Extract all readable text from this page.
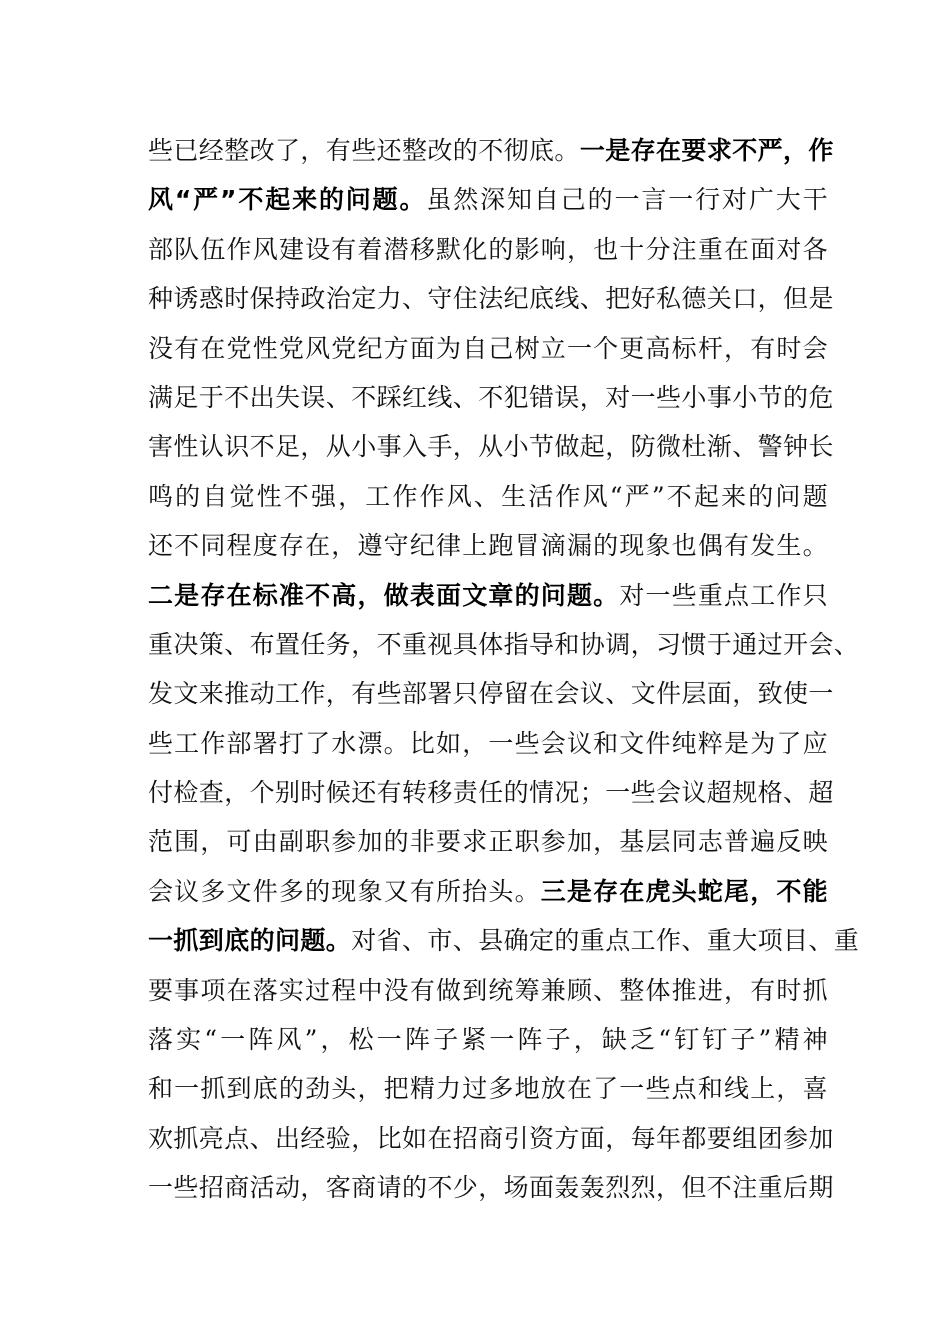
些已经整改了，有些还整改的不彻底。一是存在要求不严，作
风“严”不起来的问题。虽然深知自己的一言一行对广大干
部队伍作风建设有着潜移默化的影响，也十分注重在面对各
种诱惑时保持政治定力、守住法纪底线、把好私德关口，但是
没有在党性党风党纪方面为自己树立一个更高标杆，有时会
满足于不出失误、不踩红线、不犯错误，对一些小事小节的危
害性认识不足，从小事入手，从小节做起，防微杜渐、警钟长
鸣的自觉性不强，工作作风、生活作风“严”不起来的问题
还不同程度存在，遵守纪律上跑冒滴漏的现象也偶有发生。
二是存在标准不高，做表面文章的问题。对一些重点工作只
重决策、布置任务，不重视具体指导和协调，习惯于通过开会、
发文来推动工作，有些部署只停留在会议、文件层面，致使一
些工作部署打了水漂。比如，一些会议和文件纯粹是为了应
付检查，个别时候还有转移责任的情况；一些会议超规格、超
范围，可由副职参加的非要求正职参加，基层同志普遍反映
会议多文件多的现象又有所抬头。三是存在虎头蛇尾，不能
一抓到底的问题。对省、市、县确定的重点工作、重大项目、重
要事项在落实过程中没有做到统筹兼顾、整体推进，有时抓
落实“一阵风”，松一阵子紧一阵子，缺乏“钉钉子”精神
和一抓到底的劲头，把精力过多地放在了一些点和线上，喜
欢抓亮点、出经验，比如在招商引资方面，每年都要组团参加
一些招商活动，客商请的不少，场面轰轰烈烈，但不注重后期
